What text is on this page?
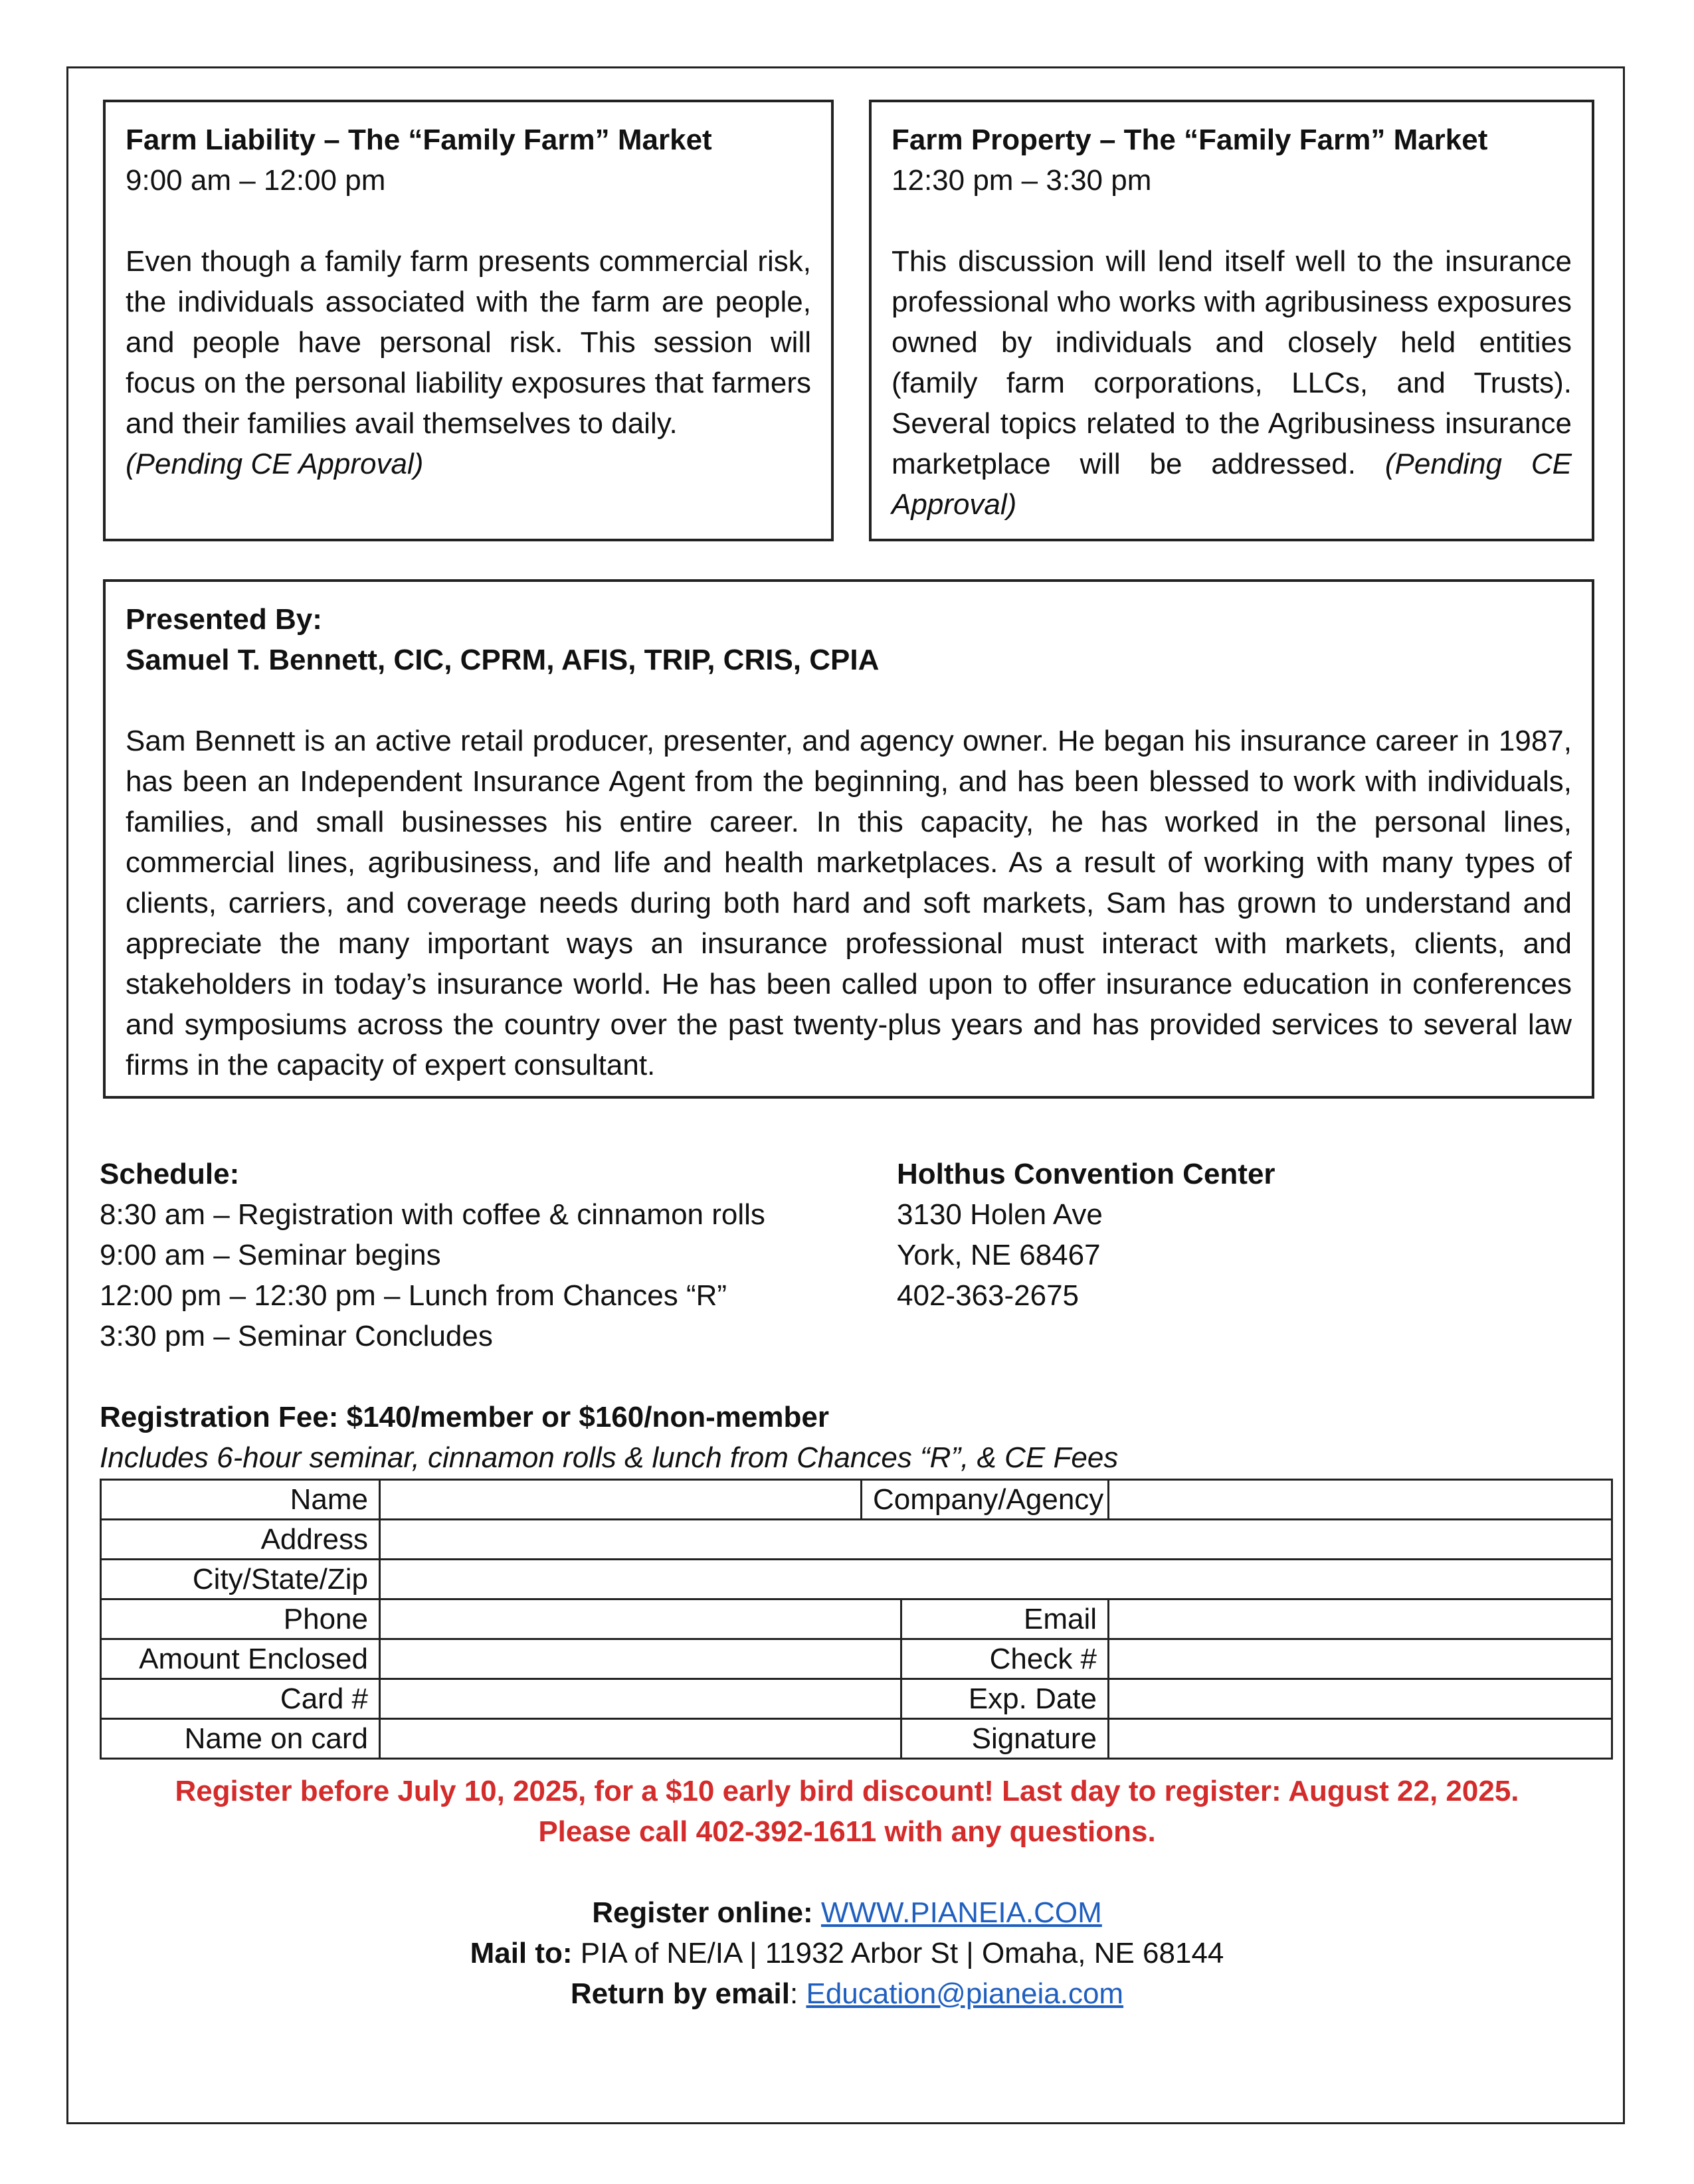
Farm Liability – The “Family Farm” Market
9:00 am – 12:00 pm
Even though a family farm presents commercial risk, the individuals associated with the farm are people, and people have personal risk. This session will focus on the personal liability exposures that farmers and their families avail themselves to daily.
(Pending CE Approval)
Farm Property – The “Family Farm” Market
12:30 pm – 3:30 pm
This discussion will lend itself well to the insurance professional who works with agribusiness exposures owned by individuals and closely held entities (family farm corporations, LLCs, and Trusts). Several topics related to the Agribusiness insurance marketplace will be addressed. (Pending CE Approval)
Presented By:
Samuel T. Bennett, CIC, CPRM, AFIS, TRIP, CRIS, CPIA
Sam Bennett is an active retail producer, presenter, and agency owner. He began his insurance career in 1987, has been an Independent Insurance Agent from the beginning, and has been blessed to work with individuals, families, and small businesses his entire career. In this capacity, he has worked in the personal lines, commercial lines, agribusiness, and life and health marketplaces. As a result of working with many types of clients, carriers, and coverage needs during both hard and soft markets, Sam has grown to understand and appreciate the many important ways an insurance professional must interact with markets, clients, and stakeholders in today’s insurance world. He has been called upon to offer insurance education in conferences and symposiums across the country over the past twenty-plus years and has provided services to several law firms in the capacity of expert consultant.
Schedule:
8:30 am – Registration with coffee & cinnamon rolls
9:00 am – Seminar begins
12:00 pm – 12:30 pm – Lunch from Chances “R”
3:30 pm – Seminar Concludes
Holthus Convention Center
3130 Holen Ave
York, NE 68467
402-363-2675
Registration Fee: $140/member or $160/non-member
Includes 6-hour seminar, cinnamon rolls & lunch from Chances “R”, & CE Fees
Name		Company/Agency		
Address				
City/State/Zip				
Phone			Email	
Amount Enclosed			Check #	
Card #			Exp. Date	
Name on card			Signature	
Register before July 10, 2025, for a $10 early bird discount! Last day to register: August 22, 2025.
Please call 402-392-1611 with any questions.
Register online: WWW.PIANEIA.COM
Mail to: PIA of NE/IA | 11932 Arbor St | Omaha, NE 68144
Return by email: Education@pianeia.com
